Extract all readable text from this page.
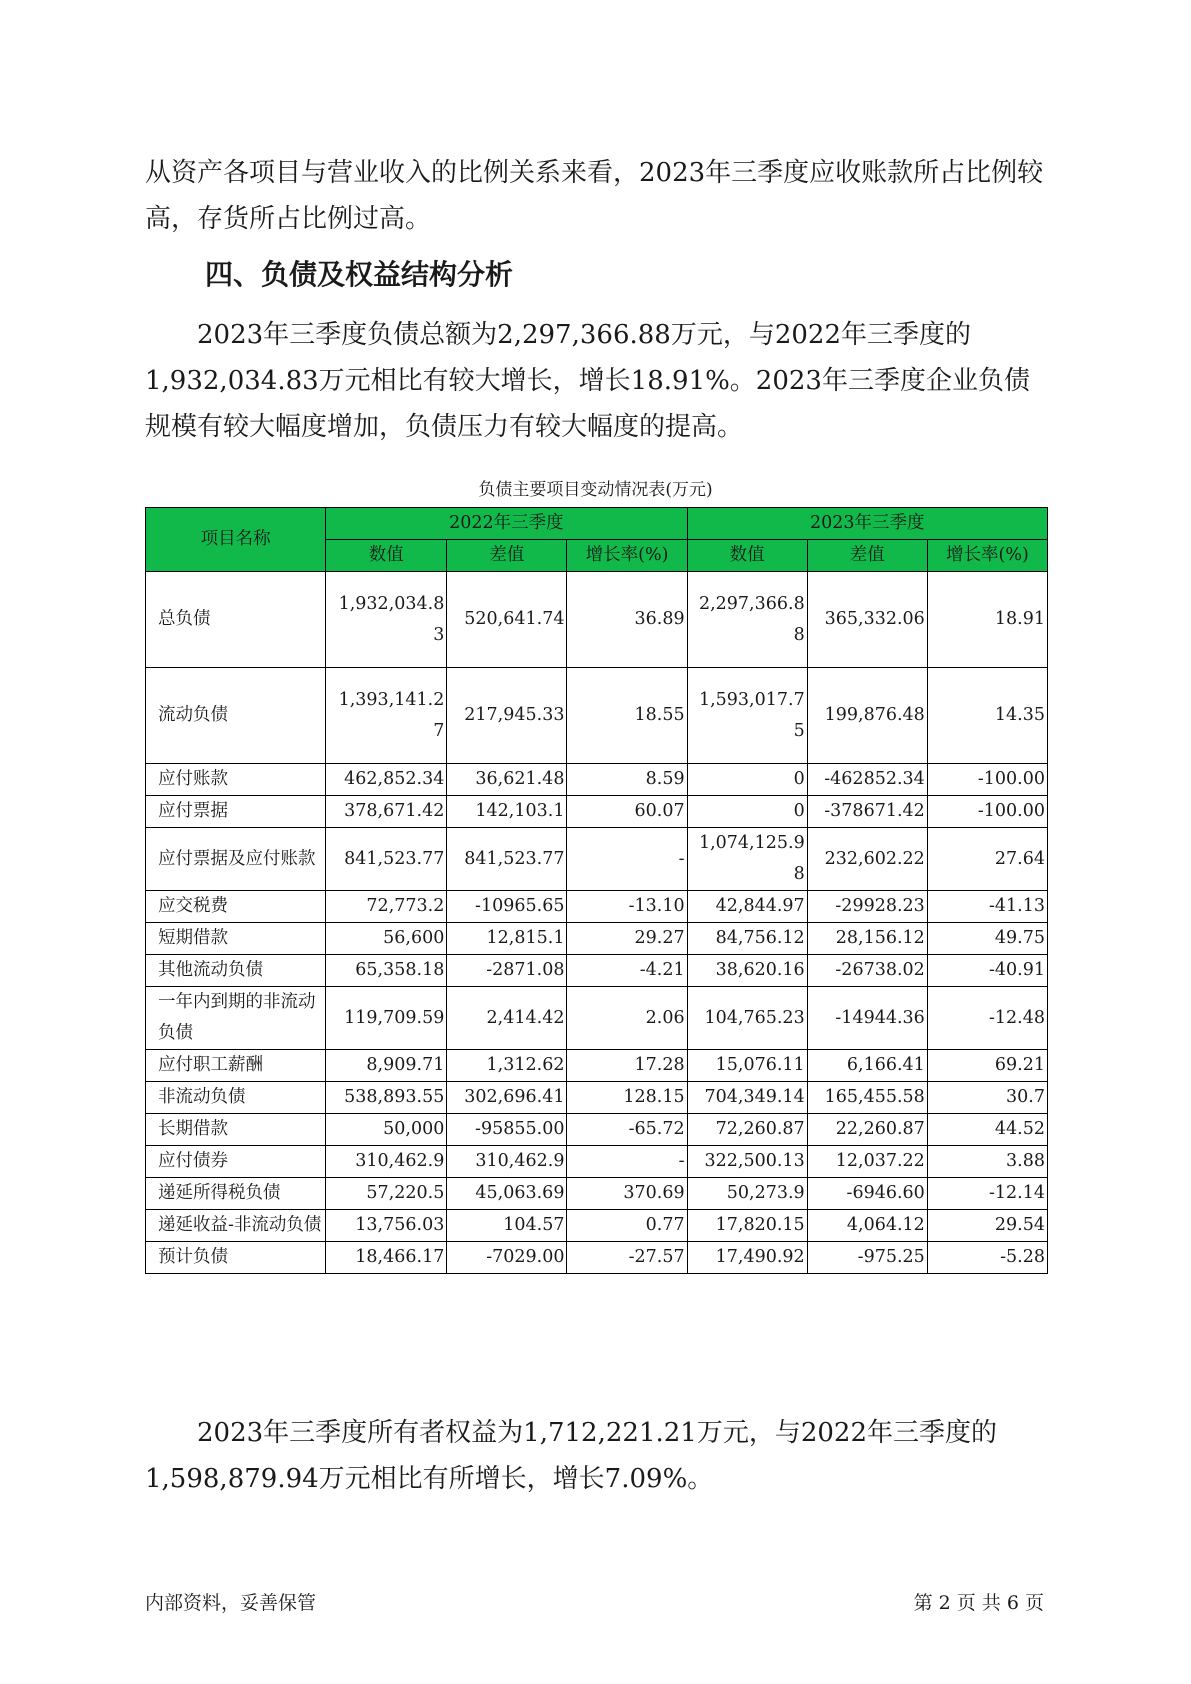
从资产各项目与营业收入的比例关系来看，2023年三季度应收账款所占比例较高，存货所占比例过高。

四、负债及权益结构分析

2023年三季度负债总额为2,297,366.88万元，与2022年三季度的1,932,034.83万元相比有较大增长，增长18.91%。2023年三季度企业负债规模有较大幅度增加，负债压力有较大幅度的提高。

负债主要项目变动情况表(万元)
项目名称	2022年三季度			2023年三季度		
	数值	差值	增长率(%)	数值	差值	增长率(%)
总负债	1,932,034.83	520,641.74	36.89	2,297,366.88	365,332.06	18.91
流动负债	1,393,141.27	217,945.33	18.55	1,593,017.75	199,876.48	14.35
应付账款	462,852.34	36,621.48	8.59	0	-462852.34	-100.00
应付票据	378,671.42	142,103.1	60.07	0	-378671.42	-100.00
应付票据及应付账款	841,523.77	841,523.77	-	1,074,125.98	232,602.22	27.64
应交税费	72,773.2	-10965.65	-13.10	42,844.97	-29928.23	-41.13
短期借款	56,600	12,815.1	29.27	84,756.12	28,156.12	49.75
其他流动负债	65,358.18	-2871.08	-4.21	38,620.16	-26738.02	-40.91
一年内到期的非流动负债	119,709.59	2,414.42	2.06	104,765.23	-14944.36	-12.48
应付职工薪酬	8,909.71	1,312.62	17.28	15,076.11	6,166.41	69.21
非流动负债	538,893.55	302,696.41	128.15	704,349.14	165,455.58	30.7
长期借款	50,000	-95855.00	-65.72	72,260.87	22,260.87	44.52
应付债券	310,462.9	310,462.9	-	322,500.13	12,037.22	3.88
递延所得税负债	57,220.5	45,063.69	370.69	50,273.9	-6946.60	-12.14
递延收益-非流动负债	13,756.03	104.57	0.77	17,820.15	4,064.12	29.54
预计负债	18,466.17	-7029.00	-27.57	17,490.92	-975.25	-5.28

2023年三季度所有者权益为1,712,221.21万元，与2022年三季度的1,598,879.94万元相比有所增长，增长7.09%。

内部资料，妥善保管	第 2 页 共 6 页
